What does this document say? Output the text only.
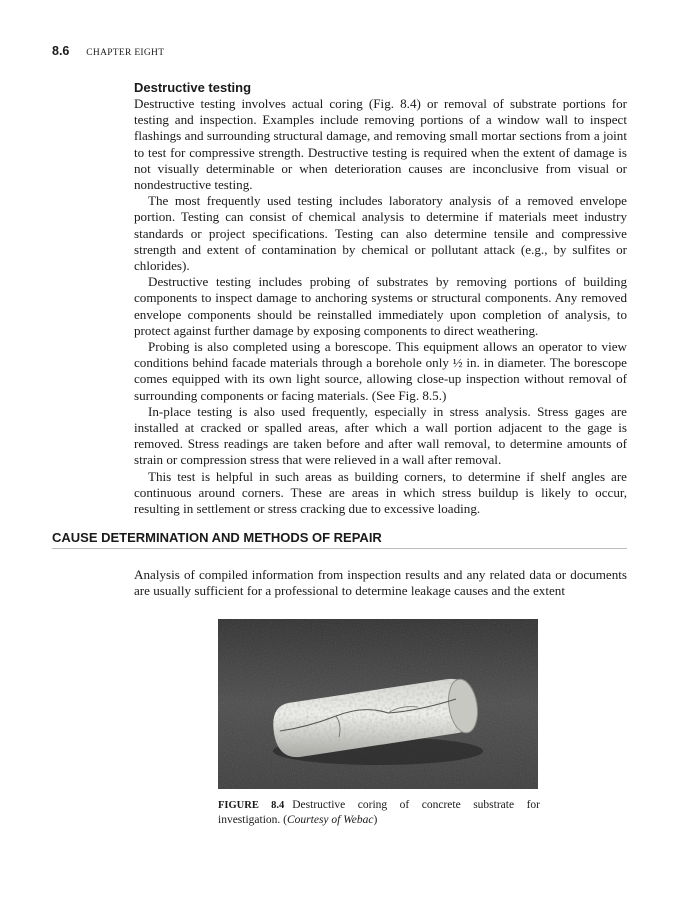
8.6 CHAPTER EIGHT
Destructive testing

Destructive testing involves actual coring (Fig. 8.4) or removal of substrate portions for testing and inspection. Examples include removing portions of a window wall to inspect flashings and surrounding structural damage, and removing small mortar sections from a joint to test for compressive strength. Destructive testing is required when the extent of damage is not visually determinable or when deterioration causes are inconclusive from visual or nondestructive testing.

The most frequently used testing includes laboratory analysis of a removed envelope portion. Testing can consist of chemical analysis to determine if materials meet industry standards or project specifications. Testing can also determine tensile and compressive strength and extent of contamination by chemical or pollutant attack (e.g., by sulfites or chlorides).

Destructive testing includes probing of substrates by removing portions of building components to inspect damage to anchoring systems or structural components. Any removed envelope components should be reinstalled immediately upon completion of analysis, to protect against further damage by exposing components to direct weathering.

Probing is also completed using a borescope. This equipment allows an operator to view conditions behind facade materials through a borehole only ½ in. in diameter. The borescope comes equipped with its own light source, allowing close-up inspection without removal of surrounding components or facing materials. (See Fig. 8.5.)

In-place testing is also used frequently, especially in stress analysis. Stress gages are installed at cracked or spalled areas, after which a wall portion adjacent to the gage is removed. Stress readings are taken before and after wall removal, to determine amounts of strain or compression stress that were relieved in a wall after removal.

This test is helpful in such areas as building corners, to determine if shelf angles are continuous around corners. These are areas in which stress buildup is likely to occur, resulting in settlement or stress cracking due to excessive loading.

CAUSE DETERMINATION AND METHODS OF REPAIR

Analysis of compiled information from inspection results and any related data or documents are usually sufficient for a professional to determine leakage causes and the extent

FIGURE 8.4 Destructive coring of concrete substrate for investigation. (Courtesy of Webac)
